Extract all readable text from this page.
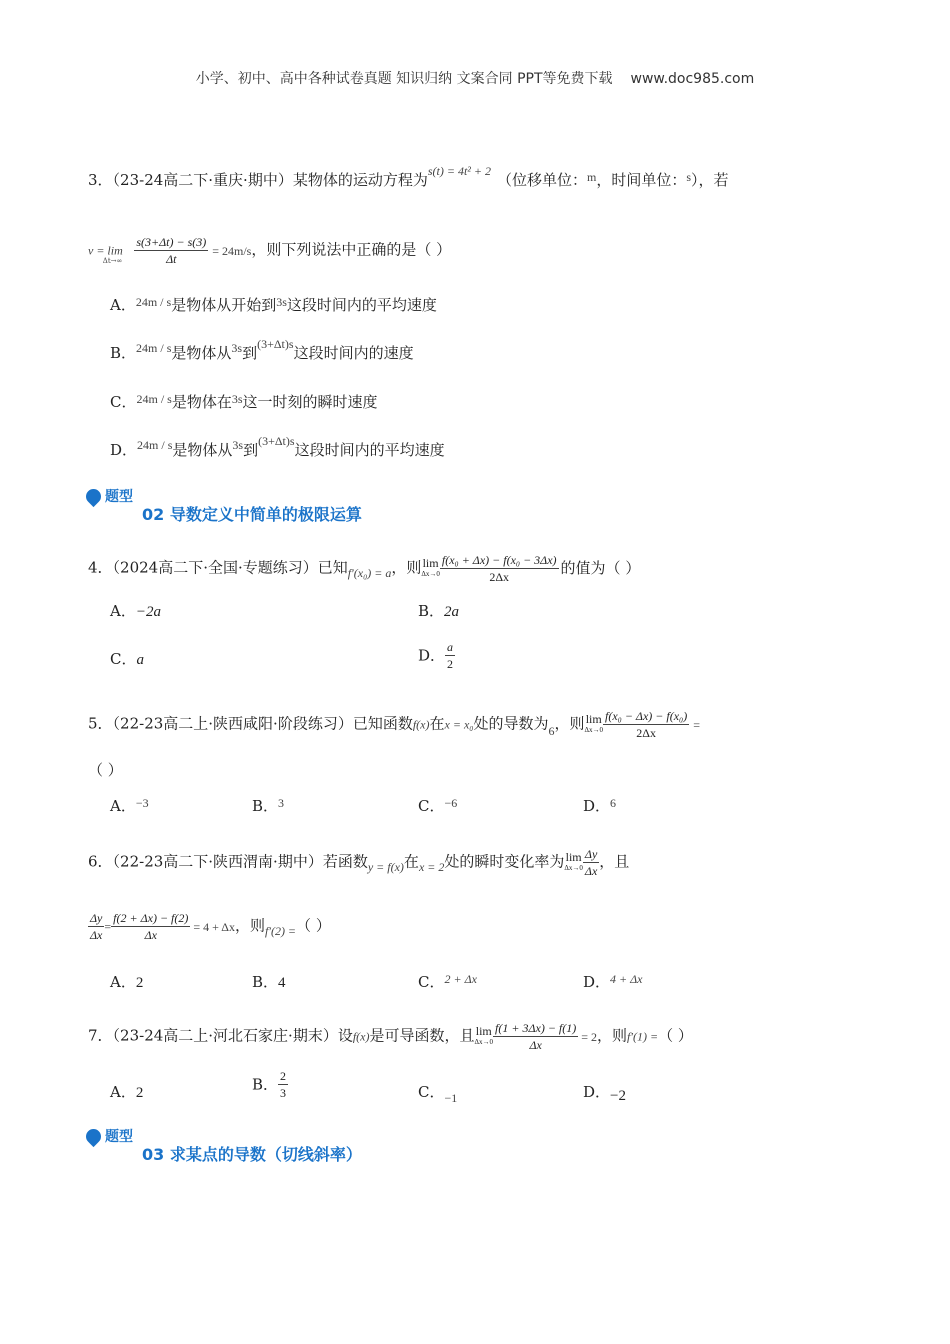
小学、初中、高中各种试卷真题 知识归纳 文案合同 PPT等免费下载 www.doc985.com
3．（23-24高二下·重庆·期中）某物体的运动方程为$^{s(t) = 4t^2 + 2}$ （位移单位：$^m$，时间单位：$^s$），若
$v = \lim_{\Delta t\to\infty} \frac{s(3+\Delta t) - s(3)}{\Delta t} = 24m/s$，则下列说法中正确的是（ ）
A．$^{24m / s}$是物体从开始到$^{3s}$这段时间内的平均速度
B．$^{24m / s}$是物体从$^{3s}$到$^{(3+\Delta t)s}$这段时间内的速度
C．$^{24m / s}$是物体在$^{3s}$这一时刻的瞬时速度
D．$^{24m / s}$是物体从$^{3s}$到$^{(3+\Delta t)s}$这段时间内的平均速度
题型
02 导数定义中简单的极限运算
4．（2024高二下·全国·专题练习）已知$_{f'(x_0) = a}$，则 lim
$\Delta x\to 0 \frac{\text{f(x₀ + Δx) − f(x₀ − 3Δx)}}{2\Delta x}$ 的值为（ ）
A．−2a	B．2a
C．a	D． $\frac{a}{2}$
5．（22-23高二上·陕西咸阳·阶段练习）已知函数f(x)在x = x₀处的导数为$_6$，则 lim
$\Delta x\to 0 \frac{\text{f(x₀ − Δx) − f(x₀)}}{2\Delta x}$ =
（ ）
A．$^{-3}$	B．$^3$	C．$^{-6}$	D．$^6$
6．（22-23高二下·陕西渭南·期中）若函数$_{y = f(x)}$在$_{x = 2}$处的瞬时变化率为 lim
$\Delta x\to 0 \frac{\Delta y}{\Delta x}$ ，且
$\frac{\Delta y}{\Delta x} = \frac{f(2 + \Delta x) - f(2)}{\Delta x} = 4 + \Delta x$，则$_{f'(2) =}$（ ）
A．2	B．4	C．$^{2 + \Delta x}$	D．$^{4 + \Delta x}$
7．（23-24高二上·河北石家庄·期末）设f(x)是可导函数，且 lim
$\Delta x\to 0 \frac{f(1 + 3\Delta x) - f(1)}{\Delta x} = 2$，则f′(1) =（ ）
A．2	B． $\frac{2}{3}$	C．$_{-1}$	D．−2
题型
03 求某点的导数（切线斜率）
